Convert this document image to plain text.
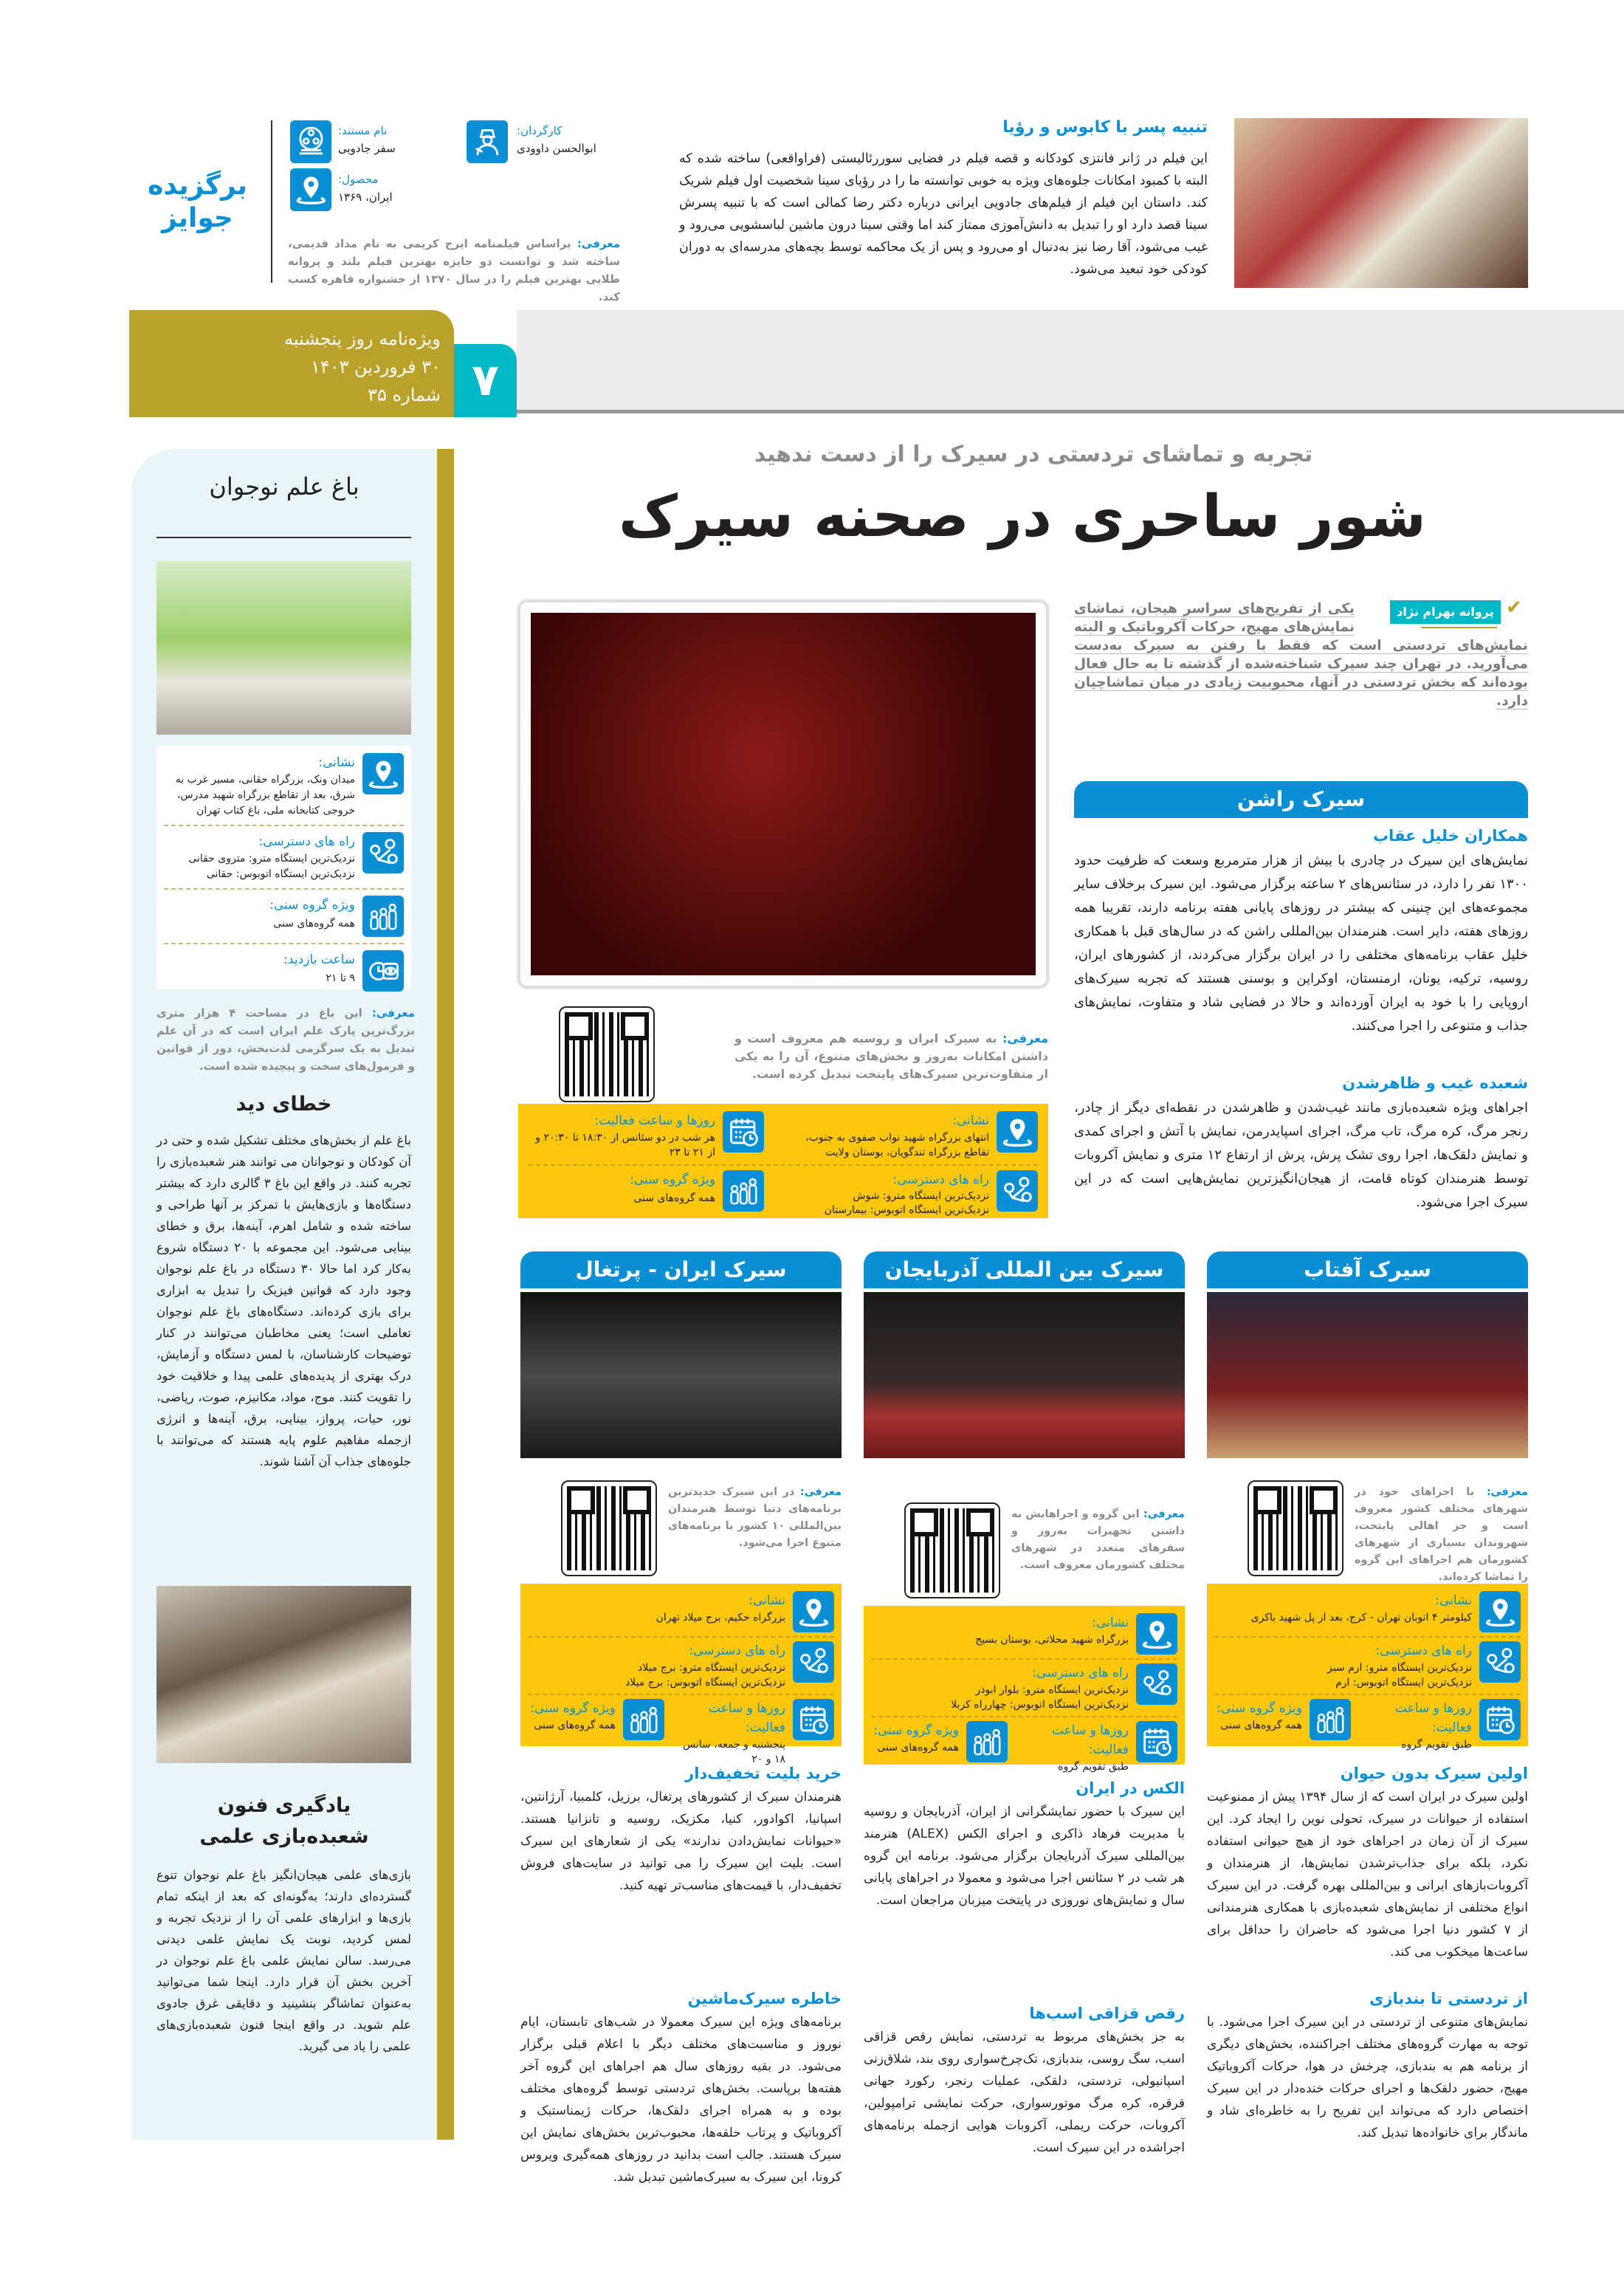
تنبیه پسر با کابوس و رؤیا
این فیلم در ژانر فانتزی کودکانه و قصه فیلم در فضایی سوررئالیستی (فراواقعی) ساخته شده که البته با کمبود امکانات جلوه‌های ویژه به خوبی توانسته ما را در رؤیای سینا شخصیت اول فیلم شریک کند. داستان این فیلم از فیلم‌های جادویی ایرانی درباره دکتر رضا کمالی است که با تنبیه پسرش سینا قصد دارد او را تبدیل به دانش‌آموزی ممتاز کند اما وقتی سینا درون ماشین لباسشویی می‌رود و غیب می‌شود، آقا رضا نیز به‌دنبال او می‌رود و پس از یک محاکمه توسط بچه‌های مدرسه‌ای به دوران کودکی خود تبعید می‌شود.
کارگردان:
ابوالحسن داوودی
نام مستند:
سفر جادویی
محصول:
ایران، ۱۳۶۹
معرفی: براساس فیلمنامه ایرج کریمی به نام مداد قدیمی، ساخته شد و توانست دو جایزه بهترین فیلم بلند و پروانه طلایی بهترین فیلم را در سال ۱۳۷۰ از جشنواره قاهره کسب کند.
برگزیده
جوایز
ویژه‌نامه روز پنجشنبه
۳۰ فروردین ۱۴۰۳
شماره ۳۵ ۷
باغ علم نوجوان
نشانی:
میدان ونک، بزرگراه حقانی، مسیر غرب به شرق، بعد از تقاطع بزرگراه شهید مدرس، خروجی کتابخانه ملی، باغ کتاب تهران
راه های دسترسی:
نزدیک‌ترین ایستگاه مترو: متروی حقانی
نزدیک‌ترین ایستگاه اتوبوس: حقانی
ویژه گروه سنی:
همه گروه‌های سنی
ساعت بازدید:
۹ تا ۲۱
معرفی: این باغ در مساحت ۴ هزار متری بزرگ‌ترین پارک علم ایران است که در آن علم تبدیل به یک سرگرمی لذت‌بخش، دور از قوانین و فرمول‌های سخت و پیچیده شده است.
خطای دید
باغ علم از بخش‌های مختلف تشکیل شده و حتی در آن کودکان و نوجوانان می توانند هنر شعبده‌بازی را تجربه کنند. در واقع این باغ ۳ گالری دارد که بیشتر دستگاه‌ها و بازی‌هایش با تمرکز بر آنها طراحی و ساخته شده و شامل اهرم، آینه‌ها، برق و خطای بینایی می‌شود. این مجموعه با ۲۰ دستگاه شروع به‌کار کرد اما حالا ۳۰ دستگاه در باغ علم نوجوان وجود دارد که قوانین فیزیک را تبدیل به ابزاری برای بازی کرده‌اند. دستگاه‌های باغ علم نوجوان تعاملی است؛ یعنی مخاطبان می‌توانند در کنار توضیحات کارشناسان، با لمس دستگاه و آزمایش، درک بهتری از پدیده‌های علمی پیدا و خلاقیت خود را تقویت کنند. موج، مواد، مکانیزم، صوت، ریاضی، نور، حیات، پرواز، بینایی، برق، آینه‌ها و انرژی ازجمله مفاهیم علوم پایه هستند که می‌توانند با جلوه‌های جذاب آن آشنا شوند.
یادگیری فنون شعبده‌بازی علمی
بازی‌های علمی هیجان‌انگیز باغ علم نوجوان تنوع گسترده‌ای دارند؛ به‌گونه‌ای که بعد از اینکه تمام بازی‌ها و ابزارهای علمی آن را از نزدیک تجربه و لمس کردید، نوبت یک نمایش علمی دیدنی می‌رسد. سالن نمایش علمی باغ علم نوجوان در آخرین بخش آن قرار دارد. اینجا شما می‌توانید به‌عنوان تماشاگر بنشینید و دقایقی غرق جادوی علم شوید. در واقع اینجا فنون شعبده‌بازی‌های علمی را یاد می گیرید.
تجربه و تماشای تردستی در سیرک را از دست ندهید
شور ساحری در صحنه سیرک
✔
پروانه بهرام نژاد
یکی از تفریح‌های سراسر هیجان، تماشای نمایش‌های مهیج، حرکات آکروباتیک و البته نمایش‌های تردستی است که فقط با رفتن به سیرک به‌دست می‌آورید. در تهران چند سیرک شناخته‌شده از گذشته تا به حال فعال بوده‌اند که بخش تردستی در آنها، محبوبیت زیادی در میان تماشاچیان دارد.
سیرک راشن
همکاران خلیل عقاب
نمایش‌های این سیرک در چادری با بیش از هزار مترمربع وسعت که ظرفیت حدود ۱۳۰۰ نفر را دارد، در سئانس‌های ۲ ساعته برگزار می‌شود. این سیرک برخلاف سایر مجموعه‌های این چنینی که بیشتر در روزهای پایانی هفته برنامه دارند، تقریبا همه روزهای هفته، دایر است. هنرمندان بین‌المللی راشن که در سال‌های قبل با همکاری خلیل عقاب برنامه‌های مختلفی را در ایران برگزار می‌کردند، از کشورهای ایران، روسیه، ترکیه، یونان، ارمنستان، اوکراین و بوسنی هستند که تجربه سیرک‌های اروپایی را با خود به ایران آورده‌اند و حالا در فضایی شاد و متفاوت، نمایش‌های جذاب و متنوعی را اجرا می‌کنند.
شعبده غیب و ظاهرشدن
اجراهای ویژه شعبده‌بازی مانند غیب‌شدن و ظاهرشدن در نقطه‌ای دیگر از چادر، رنجر مرگ، کره مرگ، تاب مرگ، اجرای اسپایدرمن، نمایش با آتش و اجرای کمدی و نمایش دلقک‌ها، اجرا روی تشک پرش، پرش از ارتفاع ۱۲ متری و نمایش آکروبات توسط هنرمندان کوتاه قامت، از هیجان‌انگیزترین نمایش‌هایی است که در این سیرک اجرا می‌شود.
معرفی: به سیرک ایران و روسیه هم معروف است و داشتن امکانات به‌روز و بخش‌های متنوع، آن را به یکی از متفاوت‌ترین سیرک‌های پایتخت تبدیل کرده است.
نشانی:
انتهای بزرگراه شهید نواب صفوی به جنوب، تقاطع بزرگراه تندگویان، بوستان ولایت
روزها و ساعت فعالیت:
هر شب در دو سئانس از ۱۸:۳۰ تا ۲۰:۳۰ و از ۲۱ تا ۲۳
راه های دسترسی:
نزدیک‌ترین ایستگاه مترو: شوش
نزدیک‌ترین ایستگاه اتوبوس: بیمارستان
ویژه گروه سنی:
همه گروه‌های سنی
سیرک آفتاب
معرفی: با اجراهای خود در شهرهای مختلف کشور معروف است و جز اهالی پایتخت، شهروندان بسیاری از شهرهای کشورمان هم اجراهای این گروه را تماشا کرده‌اند.
نشانی:
کیلومتر ۴ اتوبان تهران - کرج، بعد از پل شهید باکری
راه های دسترسی:
نزدیک‌ترین ایستگاه مترو: ارم سبز
نزدیک‌ترین ایستگاه اتوبوس: ارم
روزها و ساعت فعالیت:
طبق تقویم گروه
ویژه گروه سنی:
همه گروه‌های سنی
اولین سیرک بدون حیوان
اولین سیرک در ایران است که از سال ۱۳۹۴ پیش از ممنوعیت استفاده از حیوانات در سیرک، تحولی نوین را ایجاد کرد. این سیرک از آن زمان در اجراهای خود از هیچ حیوانی استفاده نکرد، بلکه برای جذاب‌ترشدن نمایش‌ها، از هنرمندان و آکروبات‌بازهای ایرانی و بین‌المللی بهره گرفت. در این سیرک انواع مختلفی از نمایش‌های شعبده‌بازی با همکاری هنرمندانی از ۷ کشور دنیا اجرا می‌شود که حاضران را حداقل برای ساعت‌ها میخکوب می کند.
از تردستی تا بندبازی
نمایش‌های متنوعی از تردستی در این سیرک اجرا می‌شود. با توجه به مهارت گروه‌های مختلف اجراکننده، بخش‌های دیگری از برنامه هم به بندبازی، چرخش در هوا، حرکات آکروباتیک مهیج، حضور دلقک‌ها و اجرای حرکات خنده‌دار در این سیرک اختصاص دارد که می‌تواند این تفریح را به خاطره‌ای شاد و ماندگار برای خانواده‌ها تبدیل کند.
سیرک بین المللی آذربایجان
معرفی: این گروه و اجراهایش به داشتن تجهیزات به‌روز و سفرهای متعدد در شهرهای مختلف کشورمان معروف است.
نشانی:
بزرگراه شهید محلاتی، بوستان بسیج
راه های دسترسی:
نزدیک‌ترین ایستگاه مترو: بلوار ابوذر
نزدیک‌ترین ایستگاه اتوبوس: چهارراه کربلا
روزها و ساعت فعالیت:
طبق تقویم گروه
ویژه گروه سنی:
همه گروه‌های سنی
الکس در ایران
این سیرک با حضور نمایشگرانی از ایران، آذربایجان و روسیه با مدیریت فرهاد ذاکری و اجرای الکس (ALEX) هنرمند بین‌المللی سیرک آذربایجان برگزار می‌شود. برنامه این گروه هر شب در ۲ سئانس اجرا می‌شود و معمولا در اجراهای پایانی سال و نمایش‌های نوروزی در پایتخت میزبان مراجعان است.
رقص قزاقی اسب‌ها
به جز بخش‌های مربوط به تردستی، نمایش رقص قزاقی اسب، سگ روسی، بندبازی، تک‌چرخ‌سواری روی بند، شلاق‌زنی اسپانیولی، تردستی، دلقکی، عملیات رنجر، رکورد جهانی قرقره، کره مرگ موتورسواری، حرکت نمایشی ترامپولین، آکروبات، حرکت ریملی، آکروبات هوایی ازجمله برنامه‌های اجراشده در این سیرک است.
سیرک ایران - پرتغال
معرفی: در این سیرک جدیدترین برنامه‌های دنیا توسط هنرمندان بین‌المللی ۱۰ کشور با برنامه‌های متنوع اجرا می‌شود.
نشانی:
بزرگراه حکیم، برج میلاد تهران
راه های دسترسی:
نزدیک‌ترین ایستگاه مترو: برج میلاد
نزدیک‌ترین ایستگاه اتوبوس: برج میلاد
روزها و ساعت فعالیت:
پنجشنبه و جمعه، سانس ۱۸ و ۲۰
ویژه گروه سنی:
همه گروه‌های سنی
خرید بلیت تخفیف‌دار
هنرمندان سیرک از کشورهای پرتغال، برزیل، کلمبیا، آرژانتین، اسپانیا، اکوادور، کنیا، مکزیک، روسیه و تانزانیا هستند. «حیوانات نمایش‌دادن ندارند» یکی از شعارهای این سیرک است. بلیت این سیرک را می توانید در سایت‌های فروش تخفیف‌دار، با قیمت‌های مناسب‌تر تهیه کنید.
خاطره سیرک‌ماشین
برنامه‌های ویژه این سیرک معمولا در شب‌های تابستان، ایام نوروز و مناسبت‌های مختلف دیگر با اعلام قبلی برگزار می‌شود. در بقیه روزهای سال هم اجراهای این گروه آخر هفته‌ها برپاست. بخش‌های تردستی توسط گروه‌های مختلف بوده و به همراه اجرای دلقک‌ها، حرکات ژیمناستیک و آکروباتیک و پرتاب حلقه‌ها، محبوب‌ترین بخش‌های نمایش این سیرک هستند. جالب است بدانید در روزهای همه‌گیری ویروس کرونا، این سیرک به سیرک‌ماشین تبدیل شد.
